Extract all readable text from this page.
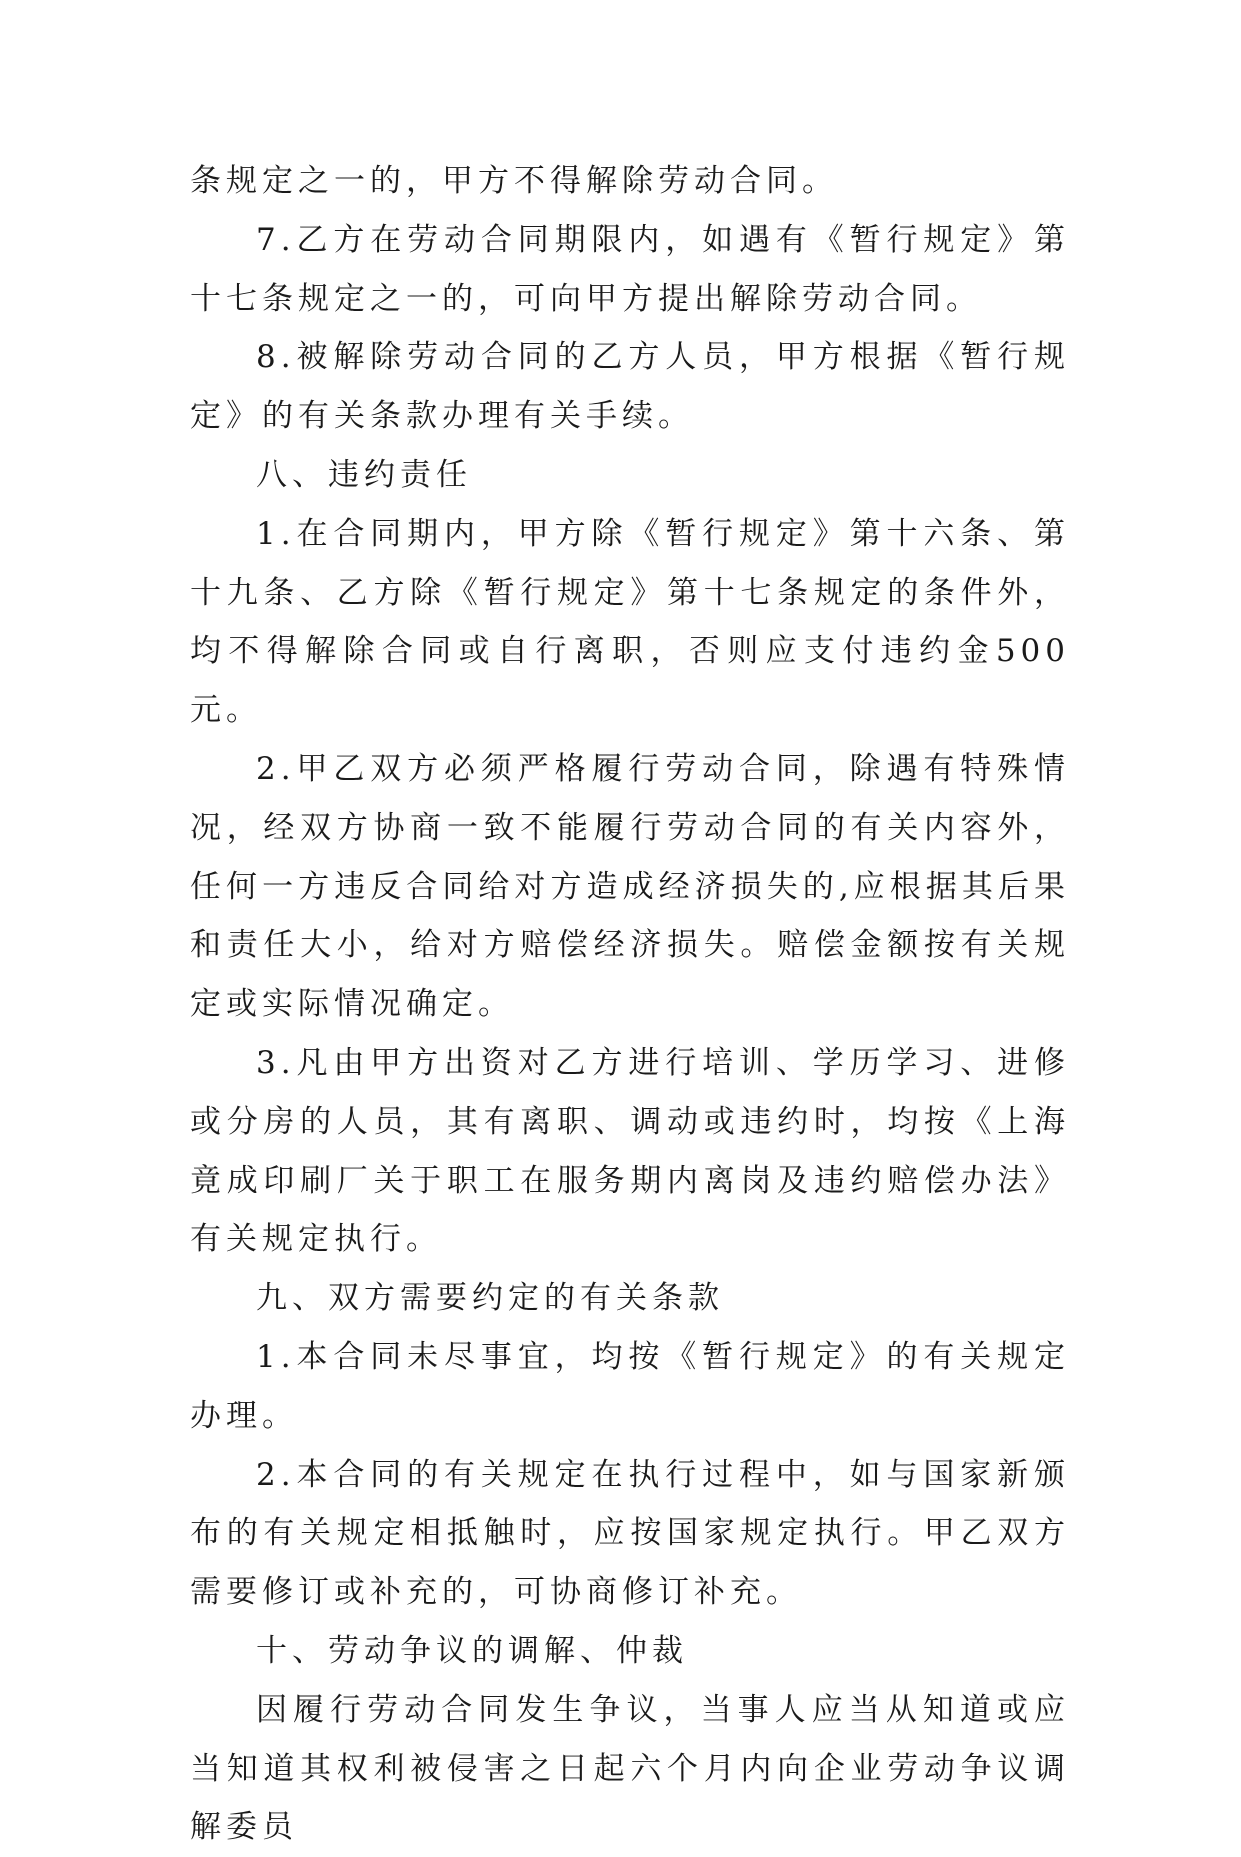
条规定之一的，甲方不得解除劳动合同。

7.乙方在劳动合同期限内，如遇有《暂行规定》第十七条规定之一的，可向甲方提出解除劳动合同。

8.被解除劳动合同的乙方人员，甲方根据《暂行规定》的有关条款办理有关手续。

八、违约责任

1.在合同期内，甲方除《暂行规定》第十六条、第十九条、乙方除《暂行规定》第十七条规定的条件外，均不得解除合同或自行离职，否则应支付违约金500元。

2.甲乙双方必须严格履行劳动合同，除遇有特殊情况，经双方协商一致不能履行劳动合同的有关内容外，任何一方违反合同给对方造成经济损失的,应根据其后果和责任大小，给对方赔偿经济损失。赔偿金额按有关规定或实际情况确定。

3.凡由甲方出资对乙方进行培训、学历学习、进修或分房的人员，其有离职、调动或违约时，均按《上海竟成印刷厂关于职工在服务期内离岗及违约赔偿办法》有关规定执行。

九、双方需要约定的有关条款

1.本合同未尽事宜，均按《暂行规定》的有关规定办理。

2.本合同的有关规定在执行过程中，如与国家新颁布的有关规定相抵触时，应按国家规定执行。甲乙双方需要修订或补充的，可协商修订补充。

十、劳动争议的调解、仲裁

因履行劳动合同发生争议，当事人应当从知道或应当知道其权利被侵害之日起六个月内向企业劳动争议调解委员
